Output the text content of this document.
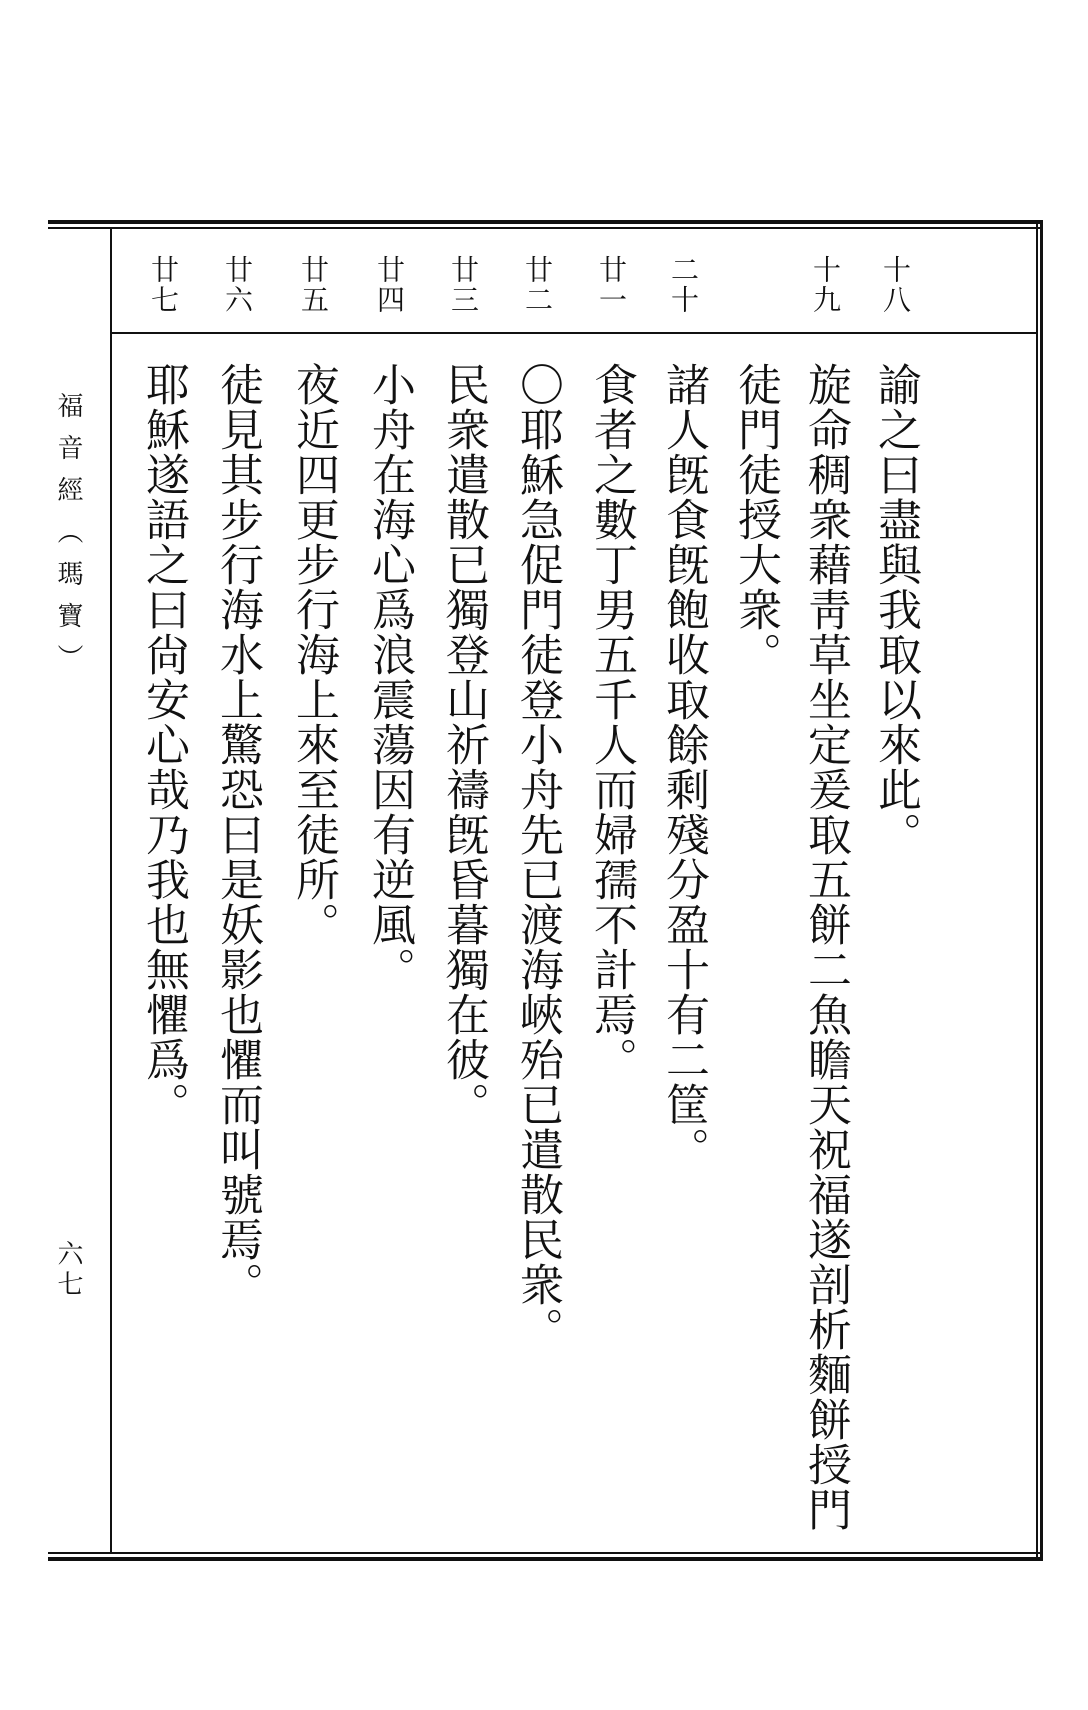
福音經（瑪寶）
六七
十八
諭之曰盡與我取以來此。
十九
旋命稠衆藉靑草坐定爰取五餅二魚瞻天祝福遂剖析麵餅授門
徒門徒授大衆。
二十
諸人旣食旣飽收取餘剩殘分盈十有二筐。
廿一
食者之數丁男五千人而婦孺不計焉。
廿二
〇耶穌急促門徒登小舟先已渡海峽殆已遣散民衆。
廿三
民衆遣散已獨登山祈禱旣昏暮獨在彼。
廿四
小舟在海心爲浪震蕩因有逆風。
廿五
夜近四更步行海上來至徒所。
廿六
徒見其步行海水上驚恐曰是妖影也懼而叫號焉。
廿七
耶穌遂語之曰尙安心哉乃我也無懼爲。
